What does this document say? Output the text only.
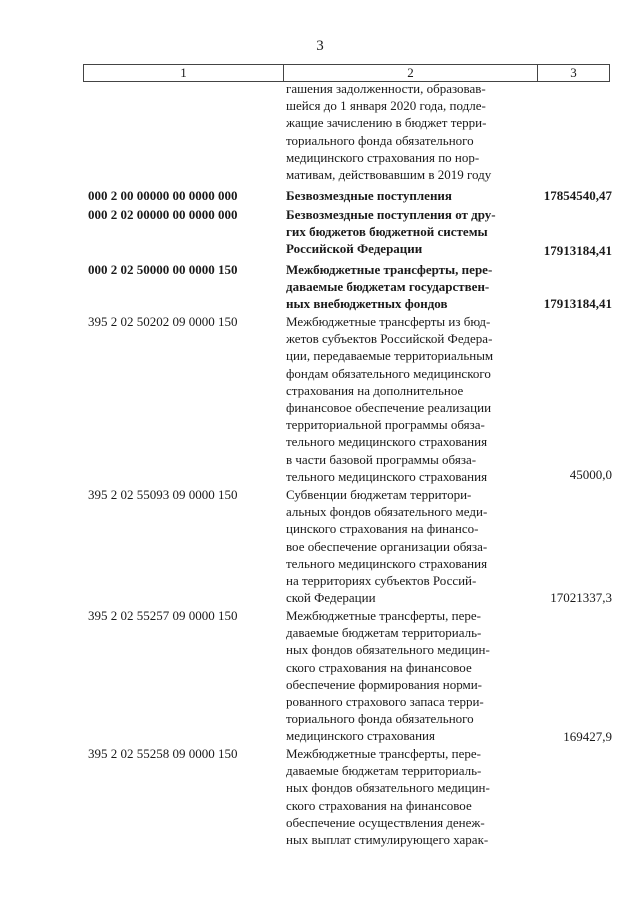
3
1	2	3
гашения задолженности, образовав-
шейся до 1 января 2020 года, подле-
жащие зачислению в бюджет терри-
ториального фонда обязательного
медицинского страхования по нор-
мативам, действовавшим в 2019 году
000 2 00 00000 00 0000 000	Безвозмездные поступления	17854540,47
000 2 02 00000 00 0000 000	Безвозмездные поступления от дру-
гих бюджетов бюджетной системы
Российской Федерации	17913184,41
000 2 02 50000 00 0000 150	Межбюджетные трансферты, пере-
даваемые бюджетам государствен-
ных внебюджетных фондов	17913184,41
395 2 02 50202 09 0000 150	Межбюджетные трансферты из бюд-
жетов субъектов Российской Федера-
ции, передаваемые территориальным
фондам обязательного медицинского
страхования на дополнительное
финансовое обеспечение реализации
территориальной программы обяза-
тельного медицинского страхования
в части базовой программы обяза-
тельного медицинского страхования	45000,0
395 2 02 55093 09 0000 150	Субвенции бюджетам территори-
альных фондов обязательного меди-
цинского страхования на финансо-
вое обеспечение организации обяза-
тельного медицинского страхования
на территориях субъектов Россий-
ской Федерации	17021337,3
395 2 02 55257 09 0000 150	Межбюджетные трансферты, пере-
даваемые бюджетам территориаль-
ных фондов обязательного медицин-
ского страхования на финансовое
обеспечение формирования норми-
рованного страхового запаса терри-
ториального фонда обязательного
медицинского страхования	169427,9
395 2 02 55258 09 0000 150	Межбюджетные трансферты, пере-
даваемые бюджетам территориаль-
ных фондов обязательного медицин-
ского страхования на финансовое
обеспечение осуществления денеж-
ных выплат стимулирующего харак-
